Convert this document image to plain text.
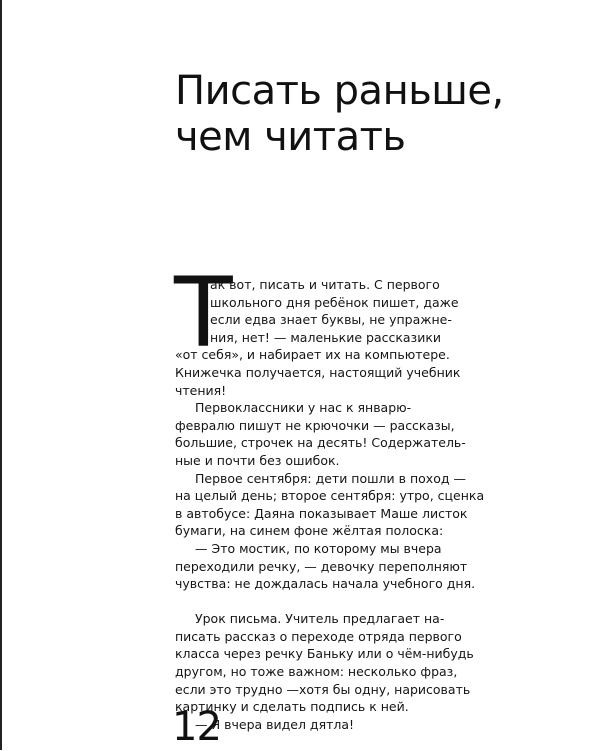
Писать раньше,
чем читать
Т
ак вот, писать и читать. С первого
школьного дня ребёнок пишет, даже
если едва знает буквы, не упражне-
ния, нет! — маленькие рассказики
«от себя», и набирает их на компьютере.
Книжечка получается, настоящий учебник
чтения!
Первоклассники у нас к январю-
февралю пишут не крючочки — рассказы,
большие, строчек на десять! Содержатель-
ные и почти без ошибок.
Первое сентября: дети пошли в поход —
на целый день; второе сентября: утро, сценка
в автобусе: Даяна показывает Маше листок
бумаги, на синем фоне жёлтая полоска:
— Это мостик, по которому мы вчера
переходили речку, — девочку переполняют
чувства: не дождалась начала учебного дня.
Урок письма. Учитель предлагает на-
писать рассказ о переходе отряда первого
класса через речку Баньку или о чём-нибудь
другом, но тоже важном: несколько фраз,
если это трудно —хотя бы одну, нарисовать
картинку и сделать подпись к ней.
— Я вчера видел дятла!
12
